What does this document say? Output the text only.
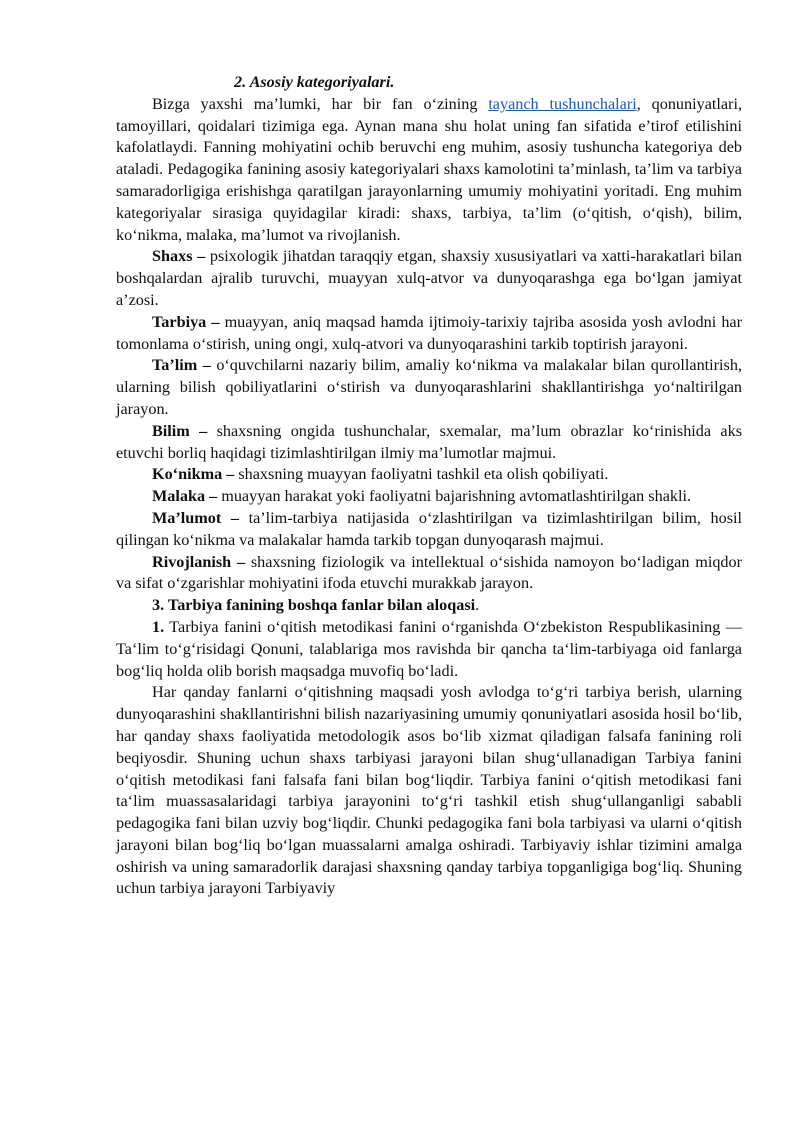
2. Asosiy kategoriyalari.

Bizga yaxshi ma’lumki, har bir fan o‘zining tayanch tushunchalari, qonuniyatlari, tamoyillari, qoidalari tizimiga ega. Aynan mana shu holat uning fan sifatida e’tirof etilishini kafolatlaydi. Fanning mohiyatini ochib beruvchi eng muhim, asosiy tushuncha kategoriya deb ataladi. Pedagogika fanining asosiy kategoriyalari shaxs kamolotini ta’minlash, ta’lim va tarbiya samaradorligiga erishishga qaratilgan jarayonlarning umumiy mohiyatini yoritadi. Eng muhim kategoriyalar sirasiga quyidagilar kiradi: shaxs, tarbiya, ta’lim (o‘qitish, o‘qish), bilim, ko‘nikma, malaka, ma’lumot va rivojlanish.

Shaxs – psixologik jihatdan taraqqiy etgan, shaxsiy xususiyatlari va xatti-harakatlari bilan boshqalardan ajralib turuvchi, muayyan xulq-atvor va dunyoqarashga ega bo‘lgan jamiyat a’zosi.

Tarbiya – muayyan, aniq maqsad hamda ijtimoiy-tarixiy tajriba asosida yosh avlodni har tomonlama o‘stirish, uning ongi, xulq-atvori va dunyoqarashini tarkib toptirish jarayoni.

Ta’lim – o‘quvchilarni nazariy bilim, amaliy ko‘nikma va malakalar bilan qurollantirish, ularning bilish qobiliyatlarini o‘stirish va dunyoqarashlarini shakllantirishga yo‘naltirilgan jarayon.

Bilim – shaxsning ongida tushunchalar, sxemalar, ma’lum obrazlar ko‘rinishida aks etuvchi borliq haqidagi tizimlashtirilgan ilmiy ma’lumotlar majmui.

Ko‘nikma – shaxsning muayyan faoliyatni tashkil eta olish qobiliyati.

Malaka – muayyan harakat yoki faoliyatni bajarishning avtomatlashtirilgan shakli.

Ma’lumot – ta’lim-tarbiya natijasida o‘zlashtirilgan va tizimlashtirilgan bilim, hosil qilingan ko‘nikma va malakalar hamda tarkib topgan dunyoqarash majmui.

Rivojlanish – shaxsning fiziologik va intellektual o‘sishida namoyon bo‘ladigan miqdor va sifat o‘zgarishlar mohiyatini ifoda etuvchi murakkab jarayon.

3. Tarbiya fanining boshqa fanlar bilan aloqasi.

1. Tarbiya fanini o‘qitish metodikasi fanini o‘rganishda O‘zbekiston Respublikasining —Ta‘lim to‘g‘risidagi Qonuni, talablariga mos ravishda bir qancha ta‘lim-tarbiyaga oid fanlarga bog‘liq holda olib borish maqsadga muvofiq bo‘ladi.

Har qanday fanlarni o‘qitishning maqsadi yosh avlodga to‘g‘ri tarbiya berish, ularning dunyoqarashini shakllantirishni bilish nazariyasining umumiy qonuniyatlari asosida hosil bo‘lib, har qanday shaxs faoliyatida metodologik asos bo‘lib xizmat qiladigan falsafa fanining roli beqiyosdir. Shuning uchun shaxs tarbiyasi jarayoni bilan shug‘ullanadigan Tarbiya fanini o‘qitish metodikasi fani falsafa fani bilan bog‘liqdir. Tarbiya fanini o‘qitish metodikasi fani ta‘lim muassasalaridagi tarbiya jarayonini to‘g‘ri tashkil etish shug‘ullanganligi sababli pedagogika fani bilan uzviy bog‘liqdir. Chunki pedagogika fani bola tarbiyasi va ularni o‘qitish jarayoni bilan bog‘liq bo‘lgan muassalarni amalga oshiradi. Tarbiyaviy ishlar tizimini amalga oshirish va uning samaradorlik darajasi shaxsning qanday tarbiya topganligiga bog‘liq. Shuning uchun tarbiya jarayoni Tarbiyaviy
